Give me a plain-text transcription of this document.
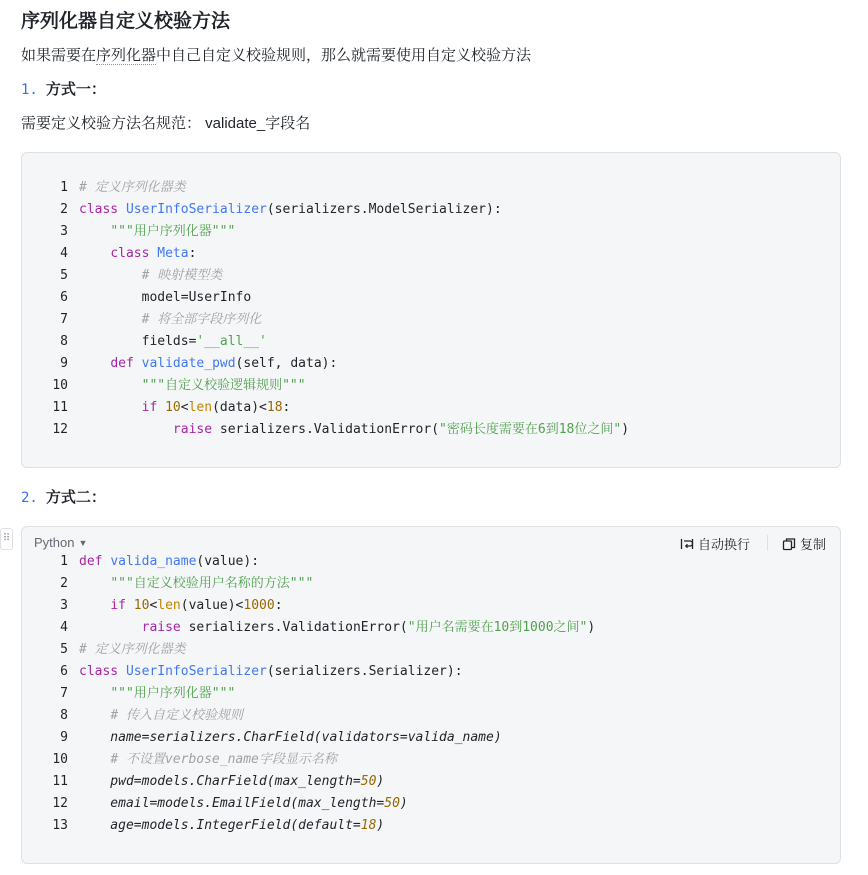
序列化器自定义校验方法
如果需要在序列化器中自己自定义校验规则，那么就需要使用自定义校验方法
1. 方式一：
需要定义校验方法名规范： validate_字段名
1 # 定义序列化器类
2 class UserInfoSerializer(serializers.ModelSerializer):
3	"""用户序列化器"""
4	class Meta:
5	# 映射模型类
6 model=UserInfo
7	# 将全部字段序列化
8 fields='__all__'
9	def validate_pwd(self, data):
10	"""自定义校验逻辑规则"""
11	if 10<len(data)<18:
12	raise serializers.ValidationError("密码长度需要在6到18位之间")
2. 方式二：
⠿ Python ▼	自动换行	复制
1 def valida_name(value):
2	"""自定义校验用户名称的方法"""
3	if 10<len(value)<1000:
4	raise serializers.ValidationError("用户名需要在10到1000之间")
5 # 定义序列化器类
6 class UserInfoSerializer(serializers.Serializer):
7	"""用户序列化器"""
8	# 传入自定义校验规则
9 name=serializers.CharField(validators=valida_name)
10	# 不设置verbose_name字段显示名称
11 pwd=models.CharField(max_length=50)
12 email=models.EmailField(max_length=50)
13 age=models.IntegerField(default=18)
